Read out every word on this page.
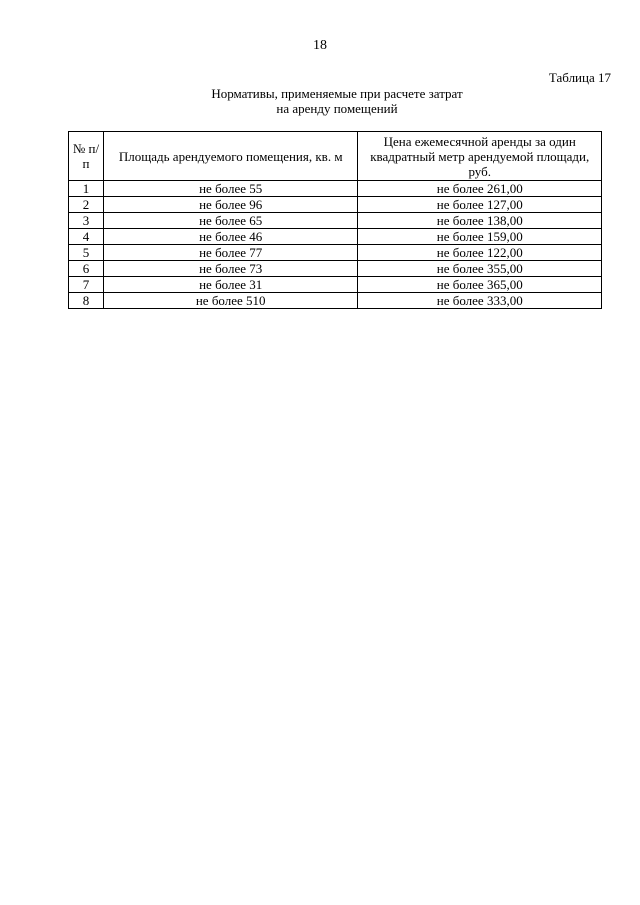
18
Таблица 17
Нормативы, применяемые при расчете затрат
на аренду помещений
№ п/п	Площадь арендуемого помещения, кв. м	Цена ежемесячной аренды за один квадратный метр арендуемой площади, руб.
1	не более 55	не более 261,00
2	не более 96	не более 127,00
3	не более 65	не более 138,00
4	не более 46	не более 159,00
5	не более 77	не более 122,00
6	не более 73	не более 355,00
7	не более 31	не более 365,00
8	не более 510	не более 333,00
